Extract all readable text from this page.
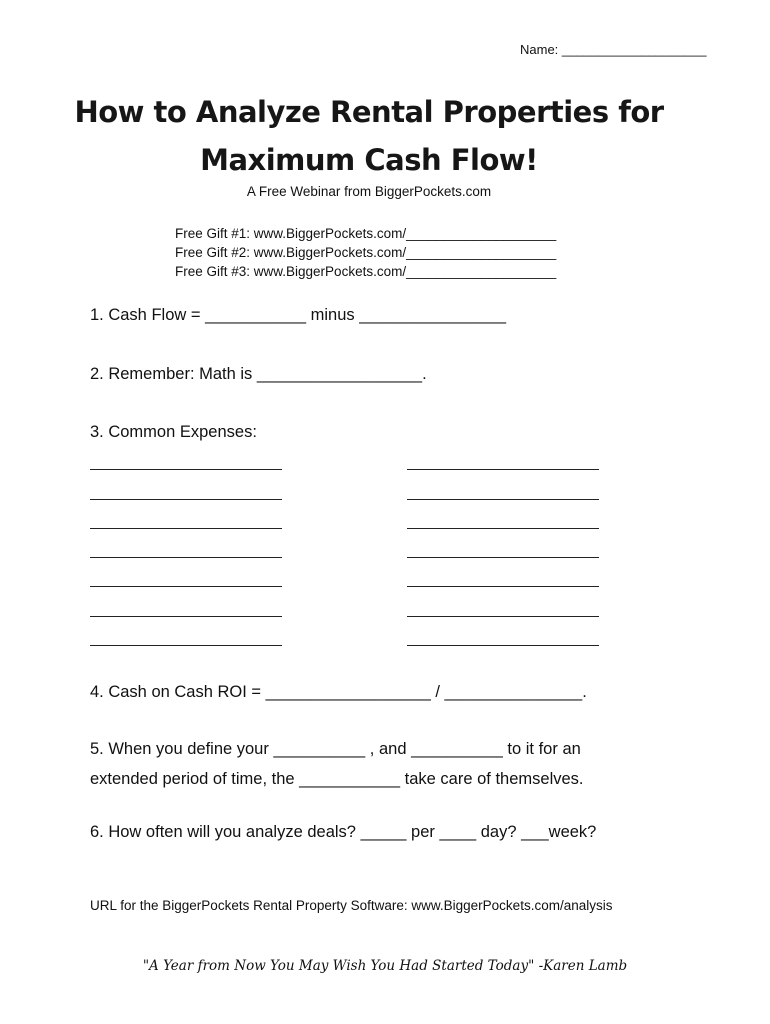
Name: ____________________
How to Analyze Rental Properties for
Maximum Cash Flow!
A Free Webinar from BiggerPockets.com
Free Gift #1: www.BiggerPockets.com/____________________
Free Gift #2: www.BiggerPockets.com/____________________
Free Gift #3: www.BiggerPockets.com/____________________
1. Cash Flow = ___________ minus ________________
2. Remember: Math is __________________.
3. Common Expenses:
4. Cash on Cash ROI = __________________ / _______________.
5. When you define your __________ , and __________ to it for an
extended period of time, the ___________ take care of themselves.
6. How often will you analyze deals? _____ per ____ day? ___week?
URL for the BiggerPockets Rental Property Software: www.BiggerPockets.com/analysis
"A Year from Now You May Wish You Had Started Today" -Karen Lamb
